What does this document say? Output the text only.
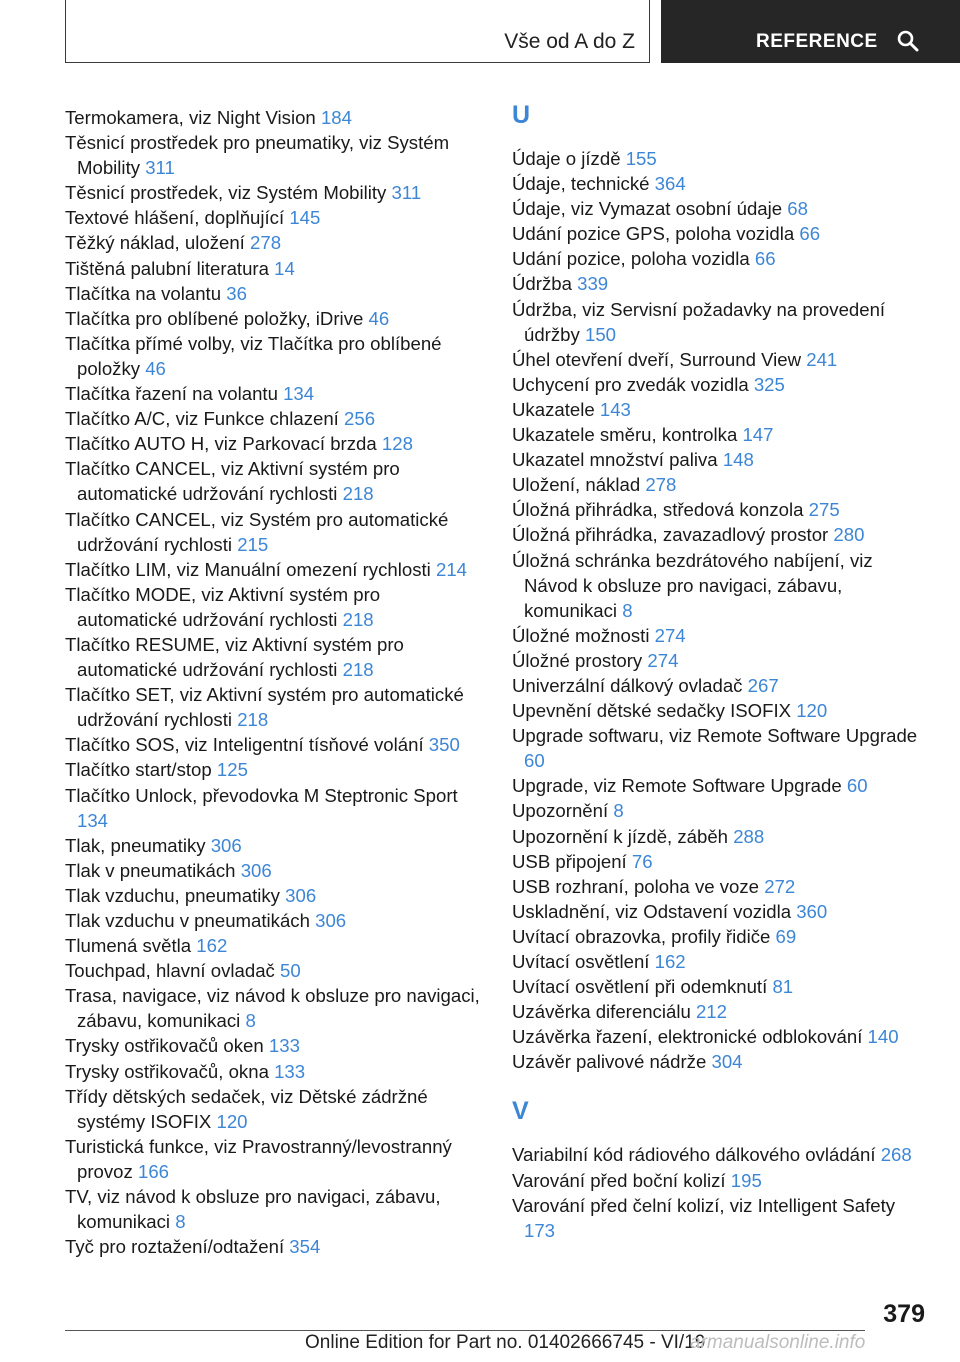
Vše od A do Z	REFERENCE
Termokamera, viz Night Vision 184
Těsnicí prostředek pro pneumatiky, viz Systém Mobility 311
Těsnicí prostředek, viz Systém Mobility 311
Textové hlášení, doplňující 145
Těžký náklad, uložení 278
Tištěná palubní literatura 14
Tlačítka na volantu 36
Tlačítka pro oblíbené položky, iDrive 46
Tlačítka přímé volby, viz Tlačítka pro oblíbené položky 46
Tlačítka řazení na volantu 134
Tlačítko A/C, viz Funkce chlazení 256
Tlačítko AUTO H, viz Parkovací brzda 128
Tlačítko CANCEL, viz Aktivní systém pro automatické udržování rychlosti 218
Tlačítko CANCEL, viz Systém pro automatické udržování rychlosti 215
Tlačítko LIM, viz Manuální omezení rychlosti 214
Tlačítko MODE, viz Aktivní systém pro automatické udržování rychlosti 218
Tlačítko RESUME, viz Aktivní systém pro automatické udržování rychlosti 218
Tlačítko SET, viz Aktivní systém pro automatické udržování rychlosti 218
Tlačítko SOS, viz Inteligentní tísňové volání 350
Tlačítko start/stop 125
Tlačítko Unlock, převodovka M Steptronic Sport 134
Tlak, pneumatiky 306
Tlak v pneumatikách 306
Tlak vzduchu, pneumatiky 306
Tlak vzduchu v pneumatikách 306
Tlumená světla 162
Touchpad, hlavní ovladač 50
Trasa, navigace, viz návod k obsluze pro navigaci, zábavu, komunikaci 8
Trysky ostřikovačů oken 133
Trysky ostřikovačů, okna 133
Třídy dětských sedaček, viz Dětské zádržné systémy ISOFIX 120
Turistická funkce, viz Pravostranný/levostranný provoz 166
TV, viz návod k obsluze pro navigaci, zábavu, komunikaci 8
Tyč pro roztažení/odtažení 354
U
Údaje o jízdě 155
Údaje, technické 364
Údaje, viz Vymazat osobní údaje 68
Udání pozice GPS, poloha vozidla 66
Udání pozice, poloha vozidla 66
Údržba 339
Údržba, viz Servisní požadavky na provedení údržby 150
Úhel otevření dveří, Surround View 241
Uchycení pro zvedák vozidla 325
Ukazatele 143
Ukazatele směru, kontrolka 147
Ukazatel množství paliva 148
Uložení, náklad 278
Úložná přihrádka, středová konzola 275
Úložná přihrádka, zavazadlový prostor 280
Úložná schránka bezdrátového nabíjení, viz Návod k obsluze pro navigaci, zábavu, komunikaci 8
Úložné možnosti 274
Úložné prostory 274
Univerzální dálkový ovladač 267
Upevnění dětské sedačky ISOFIX 120
Upgrade softwaru, viz Remote Software Upgrade 60
Upgrade, viz Remote Software Upgrade 60
Upozornění 8
Upozornění k jízdě, záběh 288
USB připojení 76
USB rozhraní, poloha ve voze 272
Uskladnění, viz Odstavení vozidla 360
Uvítací obrazovka, profily řidiče 69
Uvítací osvětlení 162
Uvítací osvětlení při odemknutí 81
Uzávěrka diferenciálu 212
Uzávěrka řazení, elektronické odblokování 140
Uzávěr palivové nádrže 304
V
Variabilní kód rádiového dálkového ovládání 268
Varování před boční kolizí 195
Varování před čelní kolizí, viz Intelligent Safety 173
379
Online Edition for Part no. 01402666745 - VI/19
armanualsonline.info
